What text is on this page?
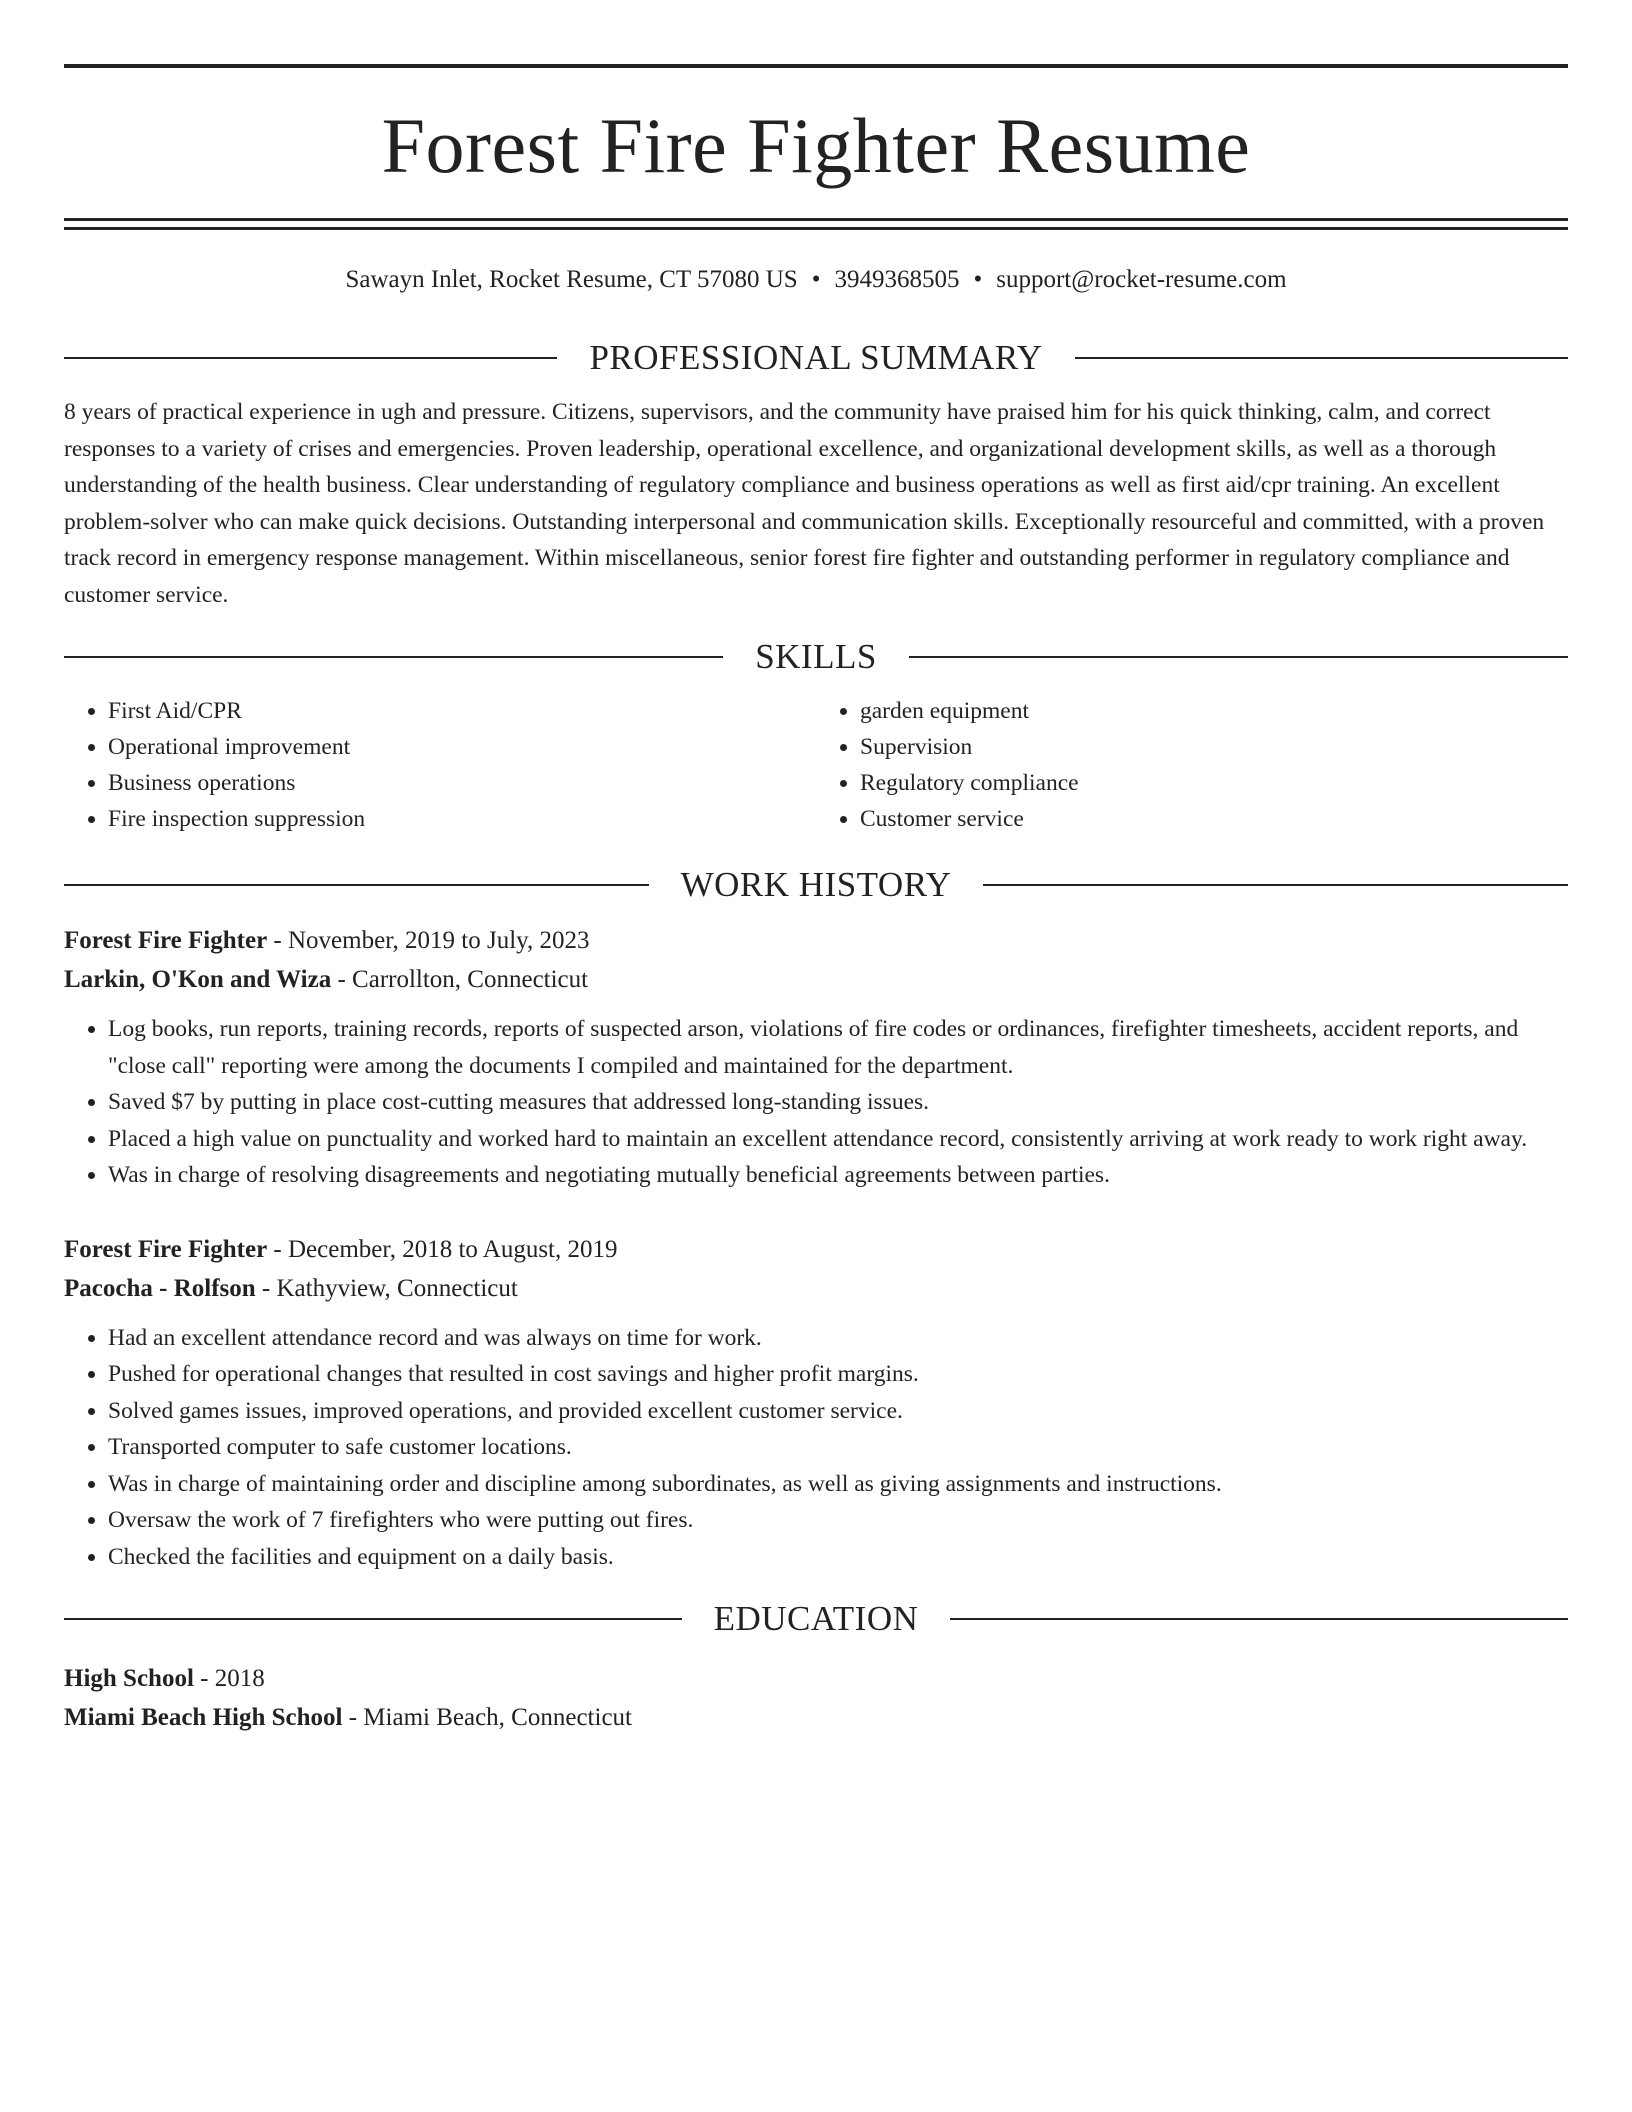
Forest Fire Fighter Resume
Sawayn Inlet, Rocket Resume, CT 57080 US • 3949368505 • support@rocket-resume.com
PROFESSIONAL SUMMARY
8 years of practical experience in ugh and pressure. Citizens, supervisors, and the community have praised him for his quick thinking, calm, and correct responses to a variety of crises and emergencies. Proven leadership, operational excellence, and organizational development skills, as well as a thorough understanding of the health business. Clear understanding of regulatory compliance and business operations as well as first aid/cpr training. An excellent problem-solver who can make quick decisions. Outstanding interpersonal and communication skills. Exceptionally resourceful and committed, with a proven track record in emergency response management. Within miscellaneous, senior forest fire fighter and outstanding performer in regulatory compliance and customer service.
SKILLS
• First Aid/CPR
• Operational improvement
• Business operations
• Fire inspection suppression
• garden equipment
• Supervision
• Regulatory compliance
• Customer service
WORK HISTORY
Forest Fire Fighter - November, 2019 to July, 2023
Larkin, O'Kon and Wiza - Carrollton, Connecticut
• Log books, run reports, training records, reports of suspected arson, violations of fire codes or ordinances, firefighter timesheets, accident reports, and "close call" reporting were among the documents I compiled and maintained for the department.
• Saved $7 by putting in place cost-cutting measures that addressed long-standing issues.
• Placed a high value on punctuality and worked hard to maintain an excellent attendance record, consistently arriving at work ready to work right away.
• Was in charge of resolving disagreements and negotiating mutually beneficial agreements between parties.
Forest Fire Fighter - December, 2018 to August, 2019
Pacocha - Rolfson - Kathyview, Connecticut
• Had an excellent attendance record and was always on time for work.
• Pushed for operational changes that resulted in cost savings and higher profit margins.
• Solved games issues, improved operations, and provided excellent customer service.
• Transported computer to safe customer locations.
• Was in charge of maintaining order and discipline among subordinates, as well as giving assignments and instructions.
• Oversaw the work of 7 firefighters who were putting out fires.
• Checked the facilities and equipment on a daily basis.
EDUCATION
High School - 2018
Miami Beach High School - Miami Beach, Connecticut
